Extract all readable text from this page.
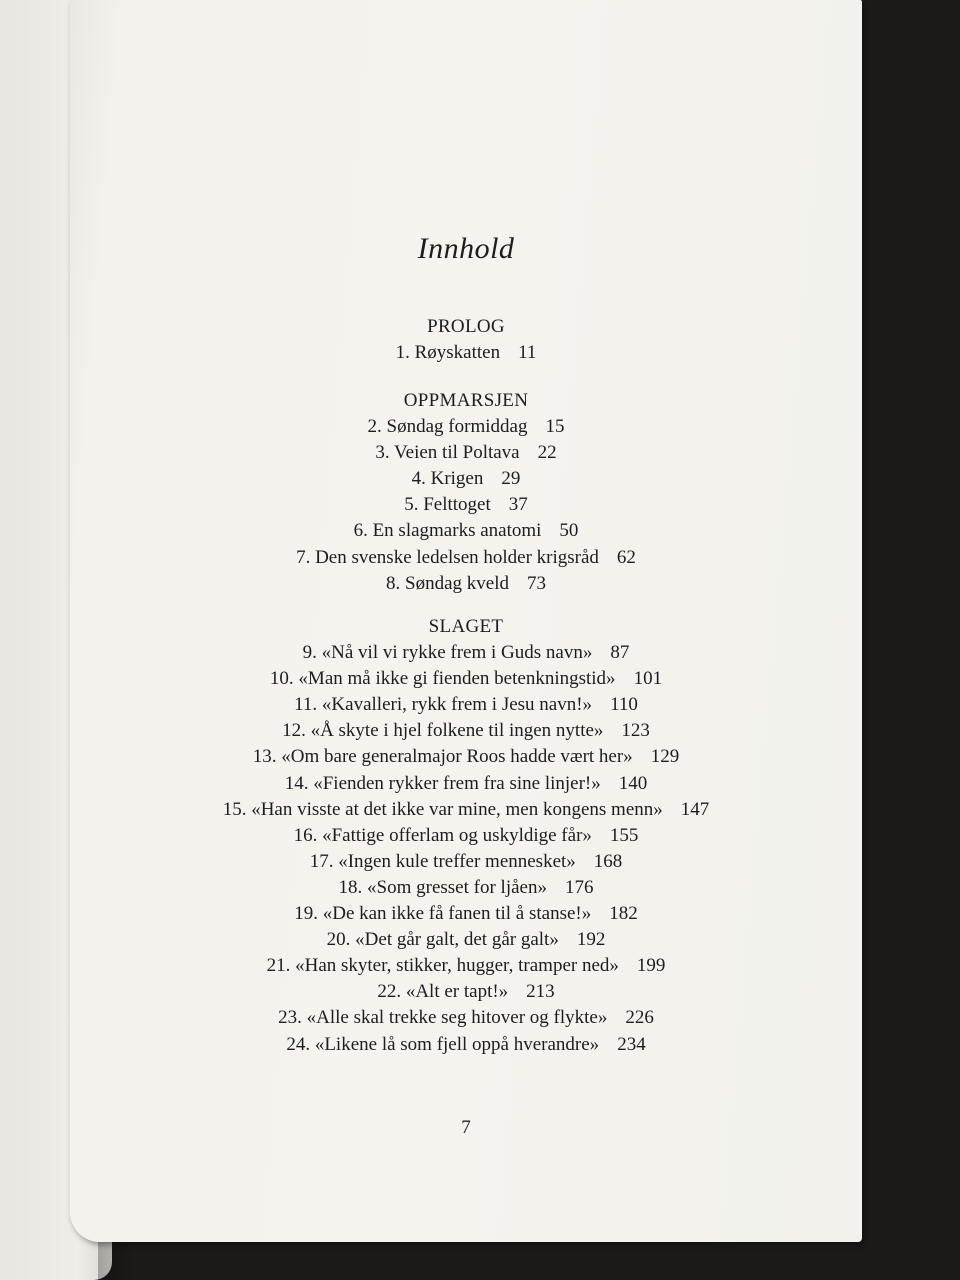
Innhold
PROLOG
1. Røyskatten 11
OPPMARSJEN
2. Søndag formiddag 15
3. Veien til Poltava 22
4. Krigen 29
5. Felttoget 37
6. En slagmarks anatomi 50
7. Den svenske ledelsen holder krigsråd 62
8. Søndag kveld 73
SLAGET
9. «Nå vil vi rykke frem i Guds navn» 87
10. «Man må ikke gi fienden betenkningstid» 101
11. «Kavalleri, rykk frem i Jesu navn!» 110
12. «Å skyte i hjel folkene til ingen nytte» 123
13. «Om bare generalmajor Roos hadde vært her» 129
14. «Fienden rykker frem fra sine linjer!» 140
15. «Han visste at det ikke var mine, men kongens menn» 147
16. «Fattige offerlam og uskyldige får» 155
17. «Ingen kule treffer mennesket» 168
18. «Som gresset for ljåen» 176
19. «De kan ikke få fanen til å stanse!» 182
20. «Det går galt, det går galt» 192
21. «Han skyter, stikker, hugger, tramper ned» 199
22. «Alt er tapt!» 213
23. «Alle skal trekke seg hitover og flykte» 226
24. «Likene lå som fjell oppå hverandre» 234
7
